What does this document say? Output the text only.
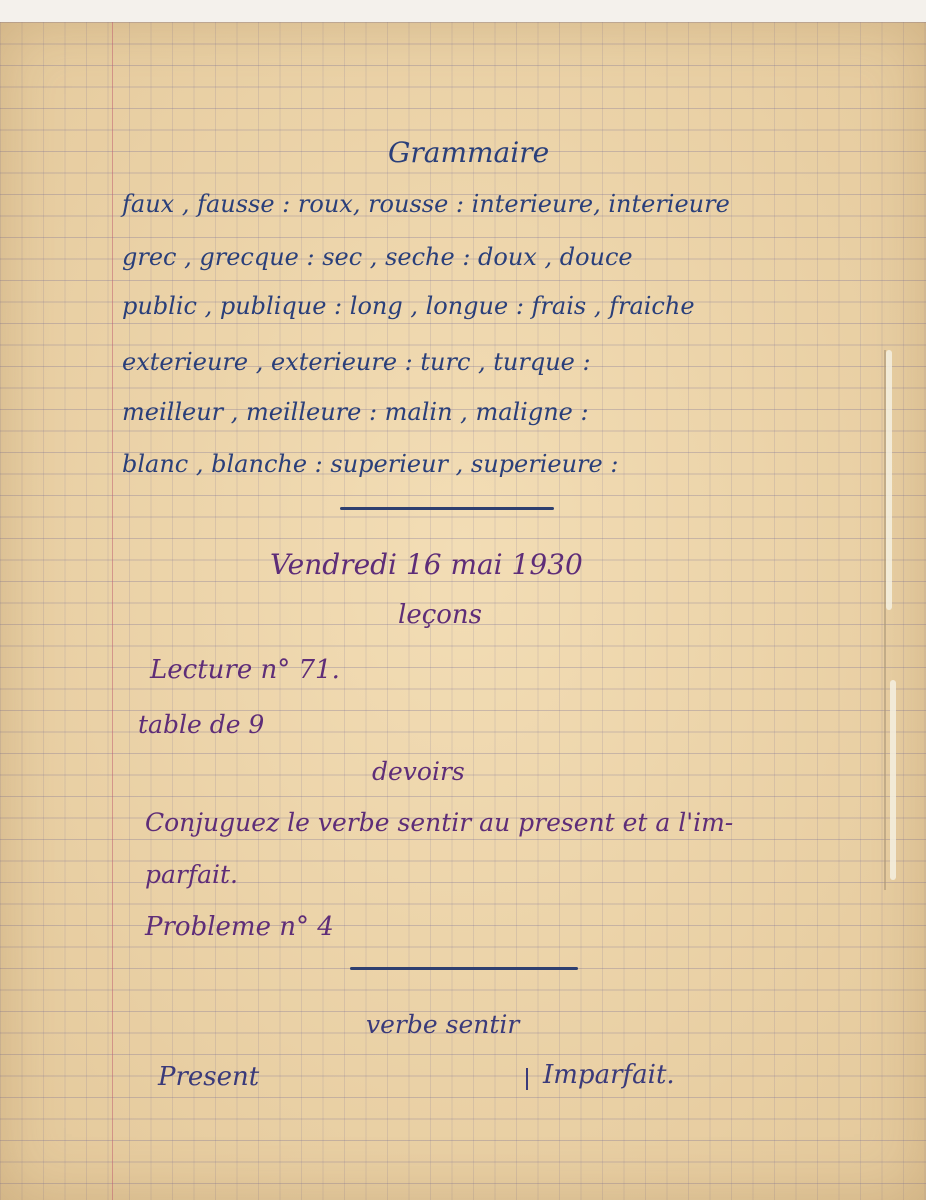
Grammaire

faux , fausse : roux, rousse : interieure, interieure

grec , grecque : sec , seche : doux , douce

public , publique : long , longue : frais , fraiche

exterieure , exterieure : turc , turque :

meilleur , meilleure : malin , maligne :

blanc , blanche : superieur , superieure :

Vendredi 16 mai 1930

leçons

Lecture n° 71.

table de 9

devoirs

Conjuguez le verbe sentir au present et a l'im-

parfait.

Probleme n° 4

verbe sentir

Present	Imparfait.
